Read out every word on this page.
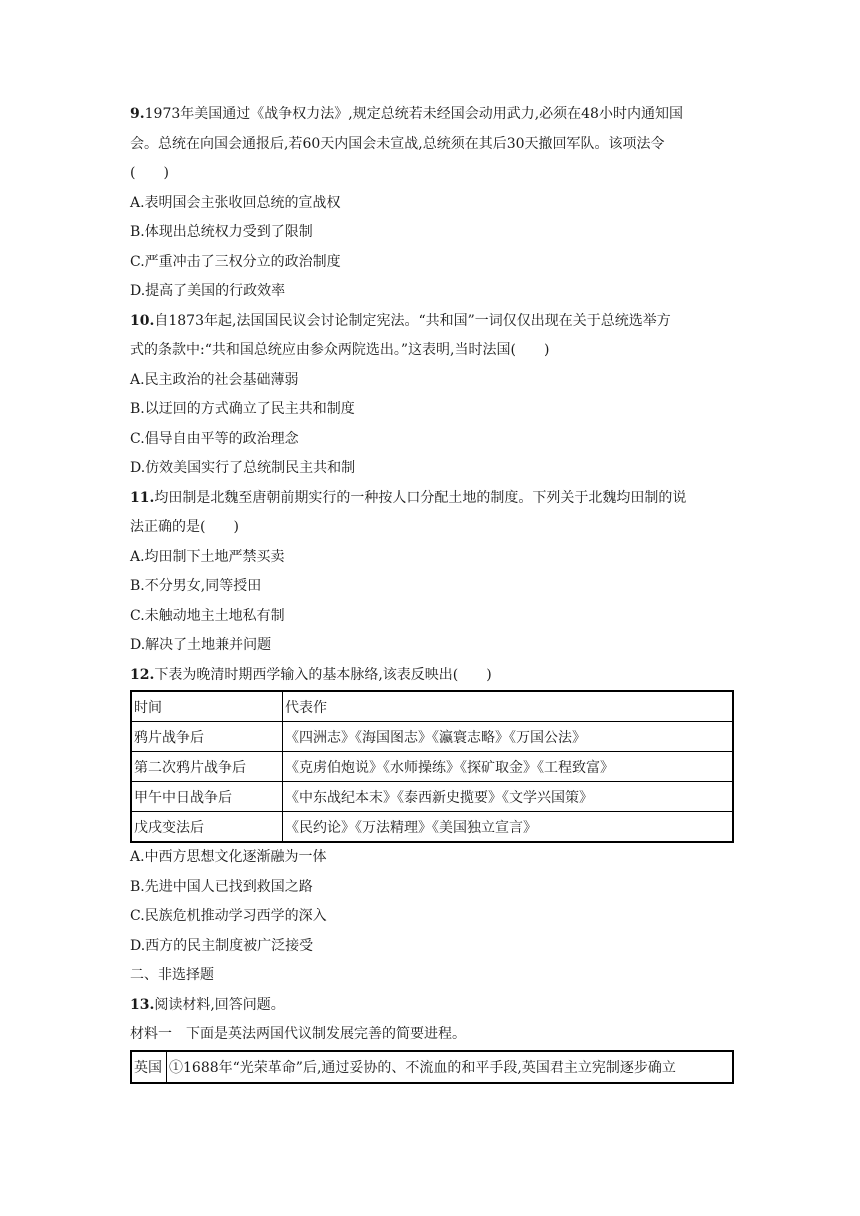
9.1973年美国通过《战争权力法》,规定总统若未经国会动用武力,必须在48小时内通知国
会。总统在向国会通报后,若60天内国会未宣战,总统须在其后30天撤回军队。该项法令
(　　)
A.表明国会主张收回总统的宣战权
B.体现出总统权力受到了限制
C.严重冲击了三权分立的政治制度
D.提高了美国的行政效率
10.自1873年起,法国国民议会讨论制定宪法。“共和国”一词仅仅出现在关于总统选举方
式的条款中:“共和国总统应由参众两院选出。”这表明,当时法国(　　)
A.民主政治的社会基础薄弱
B.以迂回的方式确立了民主共和制度
C.倡导自由平等的政治理念
D.仿效美国实行了总统制民主共和制
11.均田制是北魏至唐朝前期实行的一种按人口分配土地的制度。下列关于北魏均田制的说
法正确的是(　　)
A.均田制下土地严禁买卖
B.不分男女,同等授田
C.未触动地主土地私有制
D.解决了土地兼并问题
12.下表为晚清时期西学输入的基本脉络,该表反映出(　　)
时间	代表作
鸦片战争后	《四洲志》《海国图志》《瀛寰志略》《万国公法》
第二次鸦片战争后	《克虏伯炮说》《水师操练》《探矿取金》《工程致富》
甲午中日战争后	《中东战纪本末》《泰西新史揽要》《文学兴国策》
戊戌变法后	《民约论》《万法精理》《美国独立宣言》
A.中西方思想文化逐渐融为一体
B.先进中国人已找到救国之路
C.民族危机推动学习西学的深入
D.西方的民主制度被广泛接受
二、非选择题
13.阅读材料,回答问题。
材料一　下面是英法两国代议制发展完善的简要进程。
英国	①1688年“光荣革命”后,通过妥协的、不流血的和平手段,英国君主立宪制逐步确立
